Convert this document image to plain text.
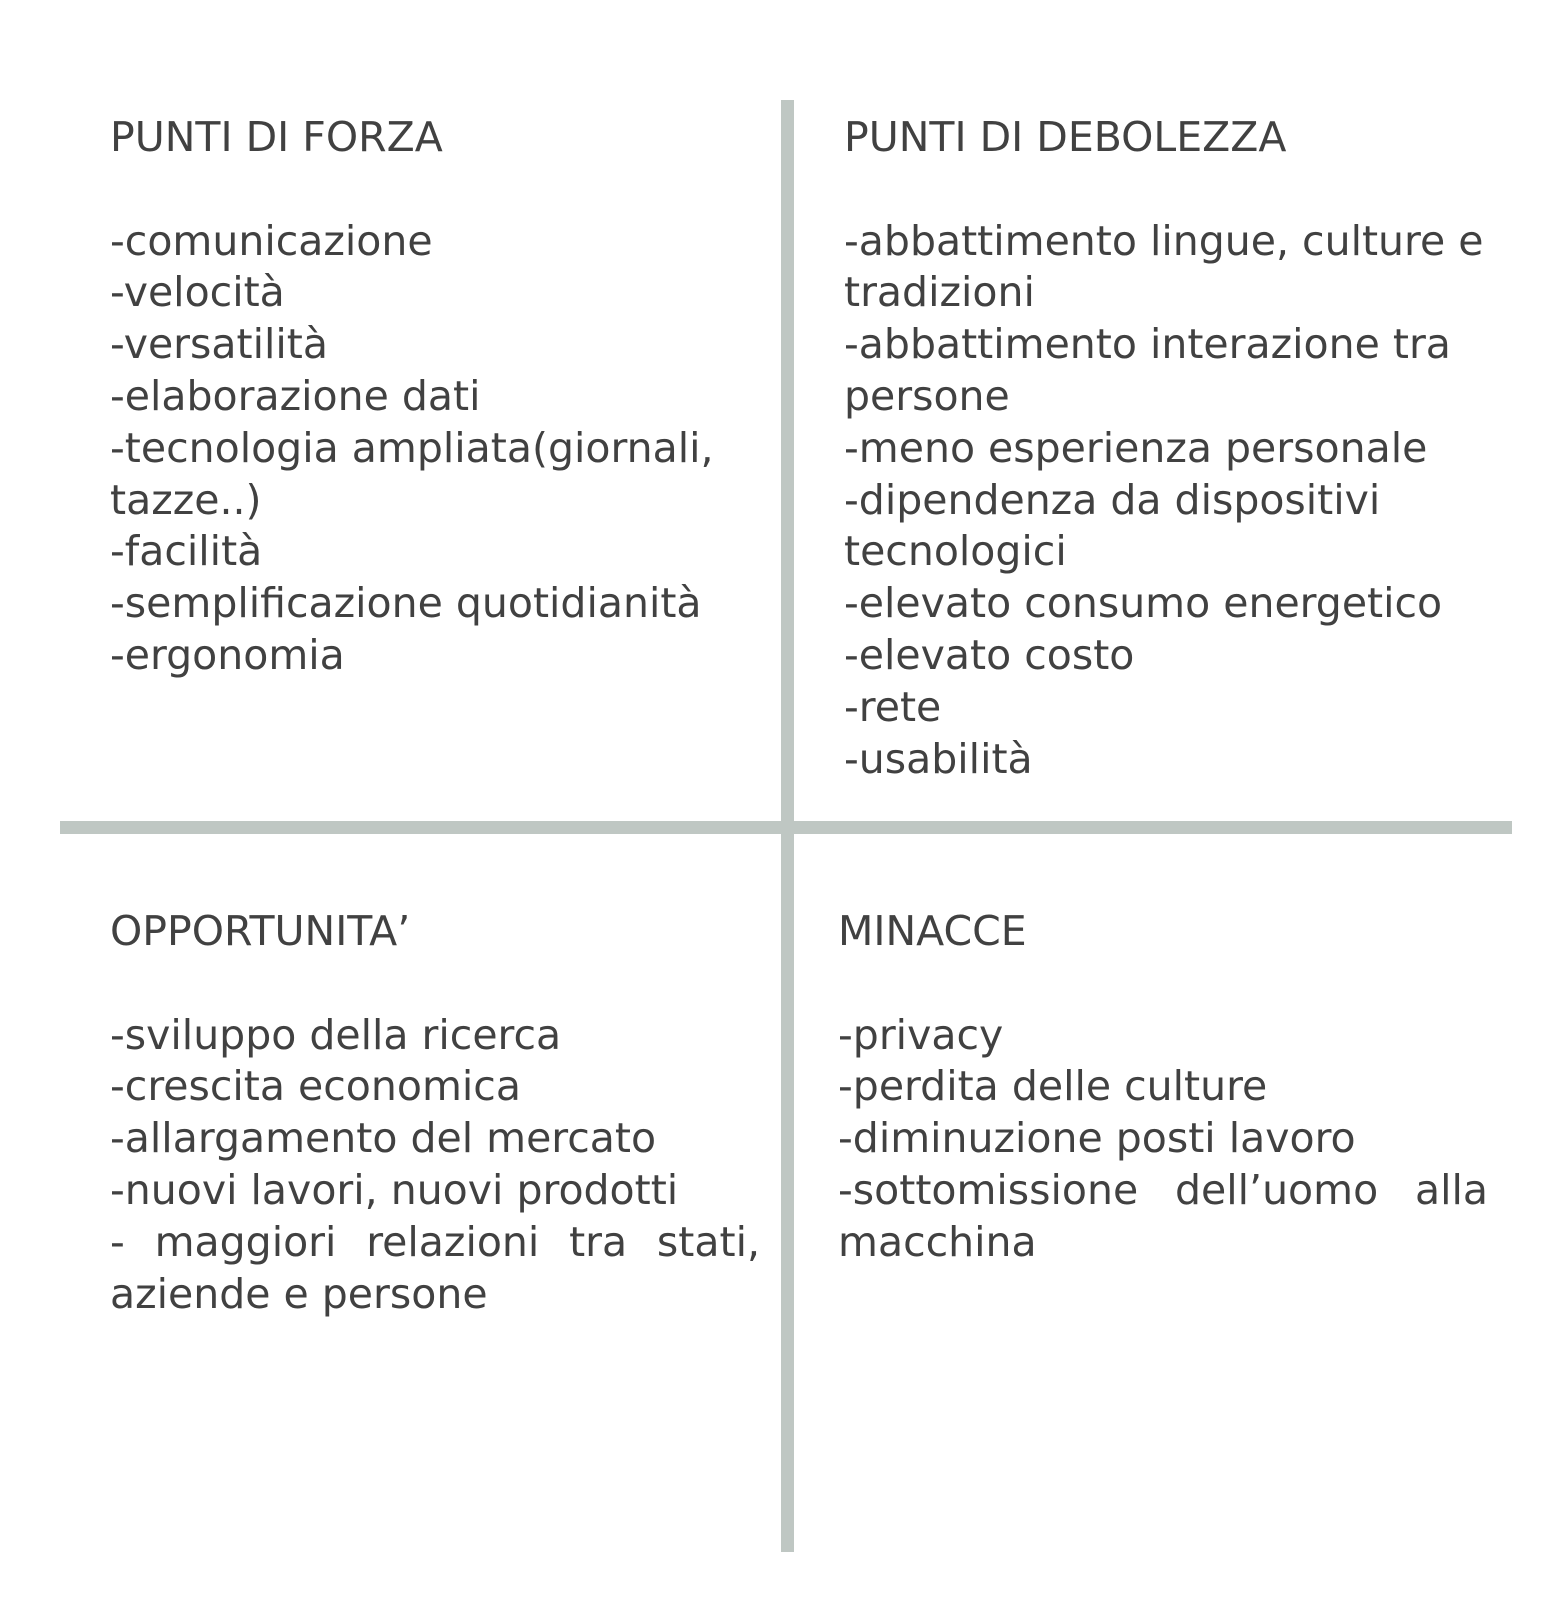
PUNTI DI FORZA
-comunicazione
-velocità
-versatilità
-elaborazione dati
-tecnologia ampliata(giornali, tazze..)
-facilità
-semplificazione quotidianità
-ergonomia
PUNTI DI DEBOLEZZA
-abbattimento lingue, culture e tradizioni
-abbattimento interazione tra persone
-meno esperienza personale
-dipendenza da dispositivi tecnologici
-elevato consumo energetico
-elevato costo
-rete
-usabilità
OPPORTUNITA’
-sviluppo della ricerca
-crescita economica
-allargamento del mercato
-nuovi lavori, nuovi prodotti
- maggiori relazioni tra stati, aziende e persone
MINACCE
-privacy
-perdita delle culture
-diminuzione posti lavoro
-sottomissione dell’uomo alla macchina
